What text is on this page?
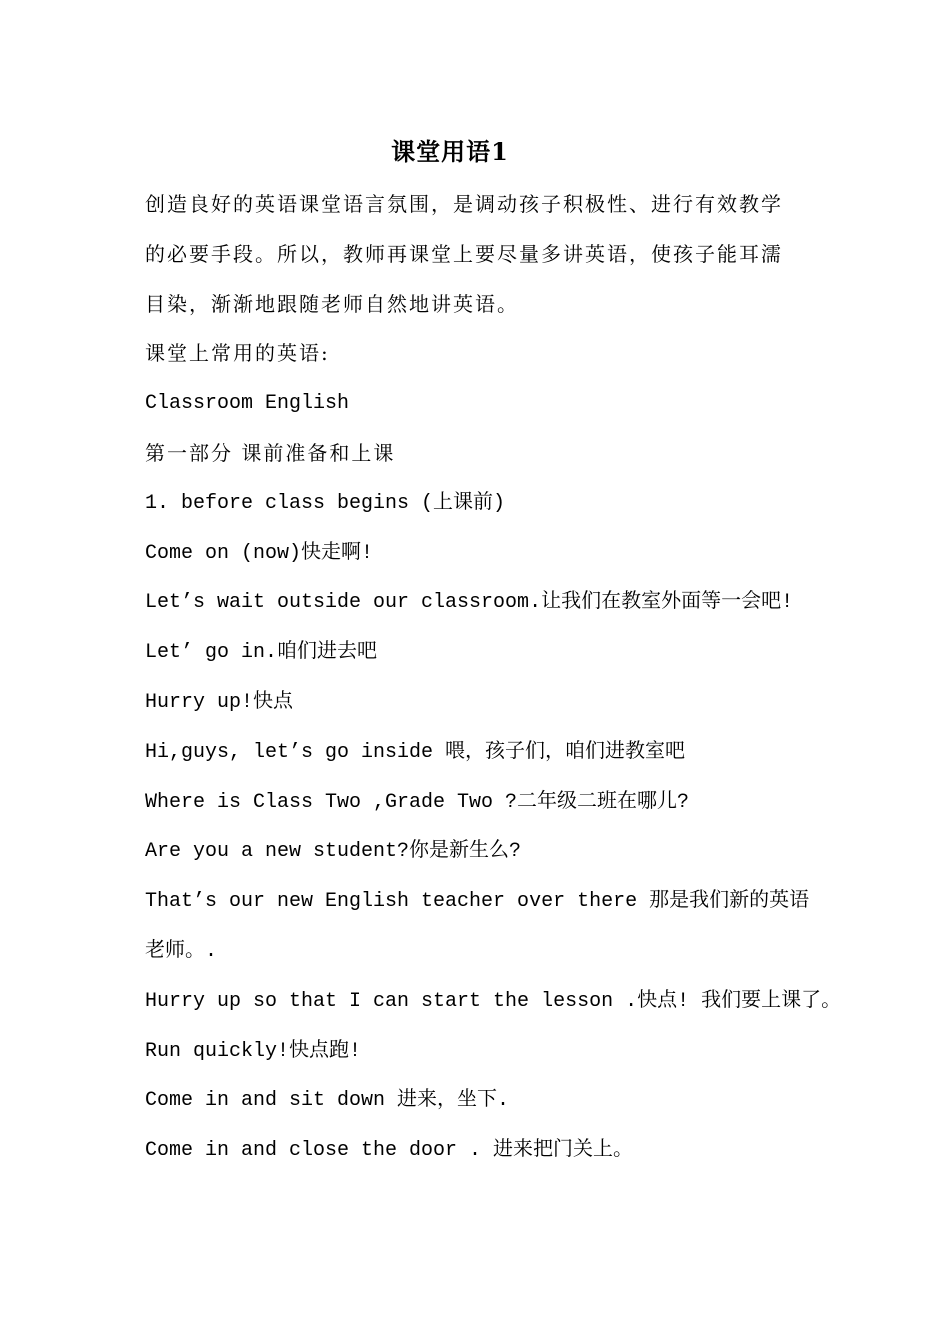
课堂用语1
创造良好的英语课堂语言氛围，是调动孩子积极性、进行有效教学
的必要手段。所以，教师再课堂上要尽量多讲英语，使孩子能耳濡
目染，渐渐地跟随老师自然地讲英语。
课堂上常用的英语:
Classroom English
第一部分 课前准备和上课
1. before class begins (上课前)
Come on (now)快走啊!
Let’s wait outside our classroom.让我们在教室外面等一会吧!
Let’ go in.咱们进去吧
Hurry up!快点
Hi,guys, let’s go inside 喂，孩子们，咱们进教室吧
Where is Class Two ,Grade Two ?二年级二班在哪儿?
Are you a new student?你是新生么?
That’s our new English teacher over there 那是我们新的英语
老师。.
Hurry up so that I can start the lesson .快点! 我们要上课了。
Run quickly!快点跑!
Come in and sit down 进来，坐下.
Come in and close the door . 进来把门关上。
